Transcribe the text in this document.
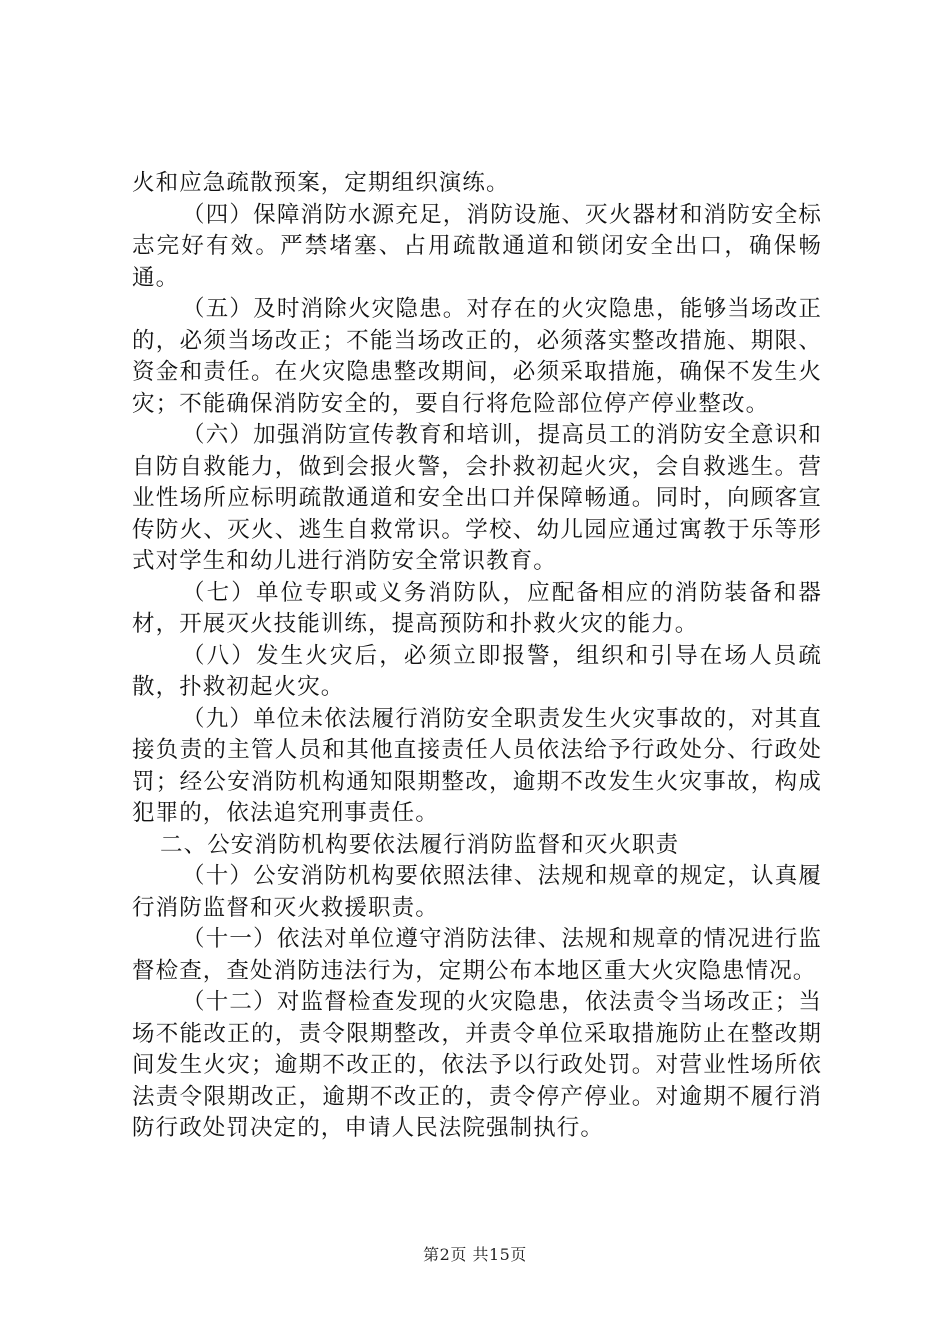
火和应急疏散预案，定期组织演练。

（四）保障消防水源充足，消防设施、灭火器材和消防安全标志完好有效。严禁堵塞、占用疏散通道和锁闭安全出口，确保畅通。

（五）及时消除火灾隐患。对存在的火灾隐患，能够当场改正的，必须当场改正；不能当场改正的，必须落实整改措施、期限、资金和责任。在火灾隐患整改期间，必须采取措施，确保不发生火灾；不能确保消防安全的，要自行将危险部位停产停业整改。

（六）加强消防宣传教育和培训，提高员工的消防安全意识和自防自救能力，做到会报火警，会扑救初起火灾，会自救逃生。营业性场所应标明疏散通道和安全出口并保障畅通。同时，向顾客宣传防火、灭火、逃生自救常识。学校、幼儿园应通过寓教于乐等形式对学生和幼儿进行消防安全常识教育。

（七）单位专职或义务消防队，应配备相应的消防装备和器材，开展灭火技能训练，提高预防和扑救火灾的能力。

（八）发生火灾后，必须立即报警，组织和引导在场人员疏散，扑救初起火灾。

（九）单位未依法履行消防安全职责发生火灾事故的，对其直接负责的主管人员和其他直接责任人员依法给予行政处分、行政处罚；经公安消防机构通知限期整改，逾期不改发生火灾事故，构成犯罪的，依法追究刑事责任。

二、公安消防机构要依法履行消防监督和灭火职责

（十）公安消防机构要依照法律、法规和规章的规定，认真履行消防监督和灭火救援职责。

（十一）依法对单位遵守消防法律、法规和规章的情况进行监督检查，查处消防违法行为，定期公布本地区重大火灾隐患情况。

（十二）对监督检查发现的火灾隐患，依法责令当场改正；当场不能改正的，责令限期整改，并责令单位采取措施防止在整改期间发生火灾；逾期不改正的，依法予以行政处罚。对营业性场所依法责令限期改正，逾期不改正的，责令停产停业。对逾期不履行消防行政处罚决定的，申请人民法院强制执行。

第2页 共15页
